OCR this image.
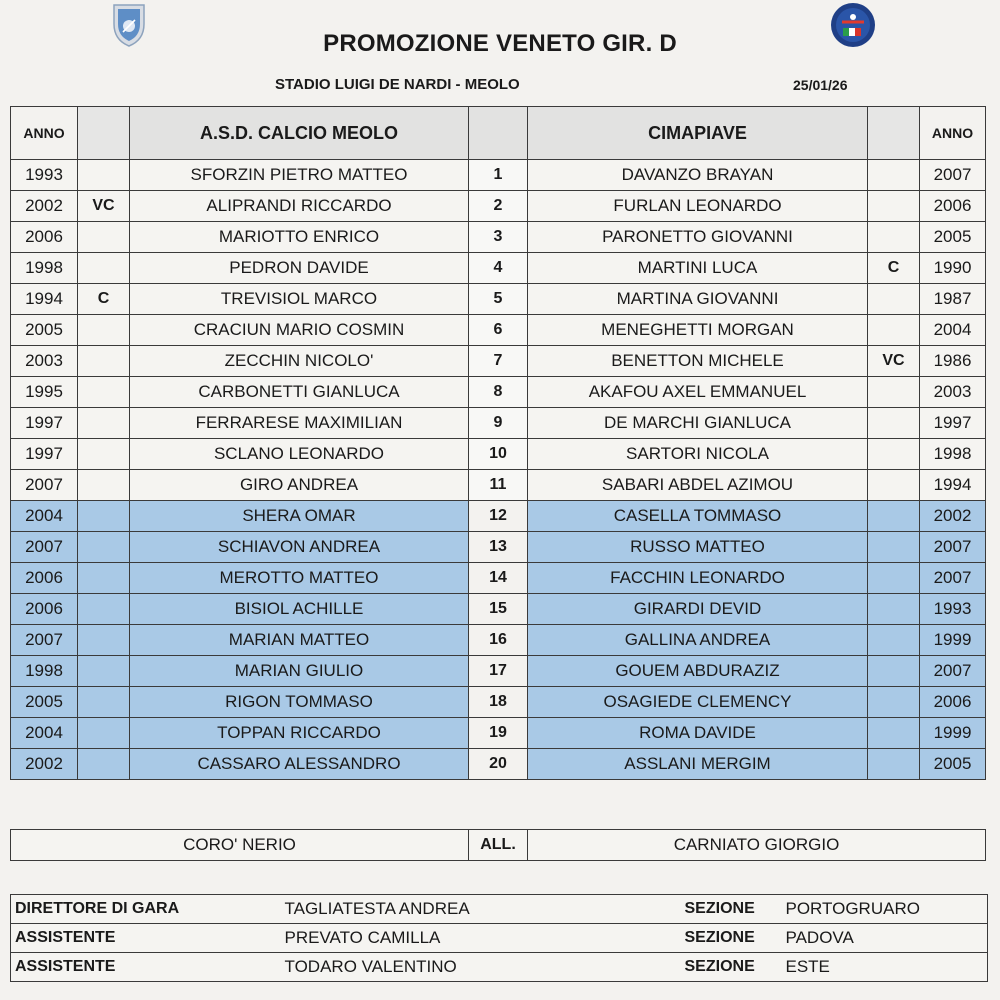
PROMOZIONE VENETO GIR. D
STADIO LUIGI DE NARDI - MEOLO	25/01/26
ANNO		A.S.D. CALCIO MEOLO		CIMAPIAVE		ANNO
1993		SFORZIN PIETRO MATTEO	1	DAVANZO BRAYAN		2007
2002	VC	ALIPRANDI RICCARDO	2	FURLAN LEONARDO		2006
2006		MARIOTTO ENRICO	3	PARONETTO GIOVANNI		2005
1998		PEDRON DAVIDE	4	MARTINI LUCA	C	1990
1994	C	TREVISIOL MARCO	5	MARTINA GIOVANNI		1987
2005		CRACIUN MARIO COSMIN	6	MENEGHETTI MORGAN		2004
2003		ZECCHIN NICOLO'	7	BENETTON MICHELE	VC	1986
1995		CARBONETTI GIANLUCA	8	AKAFOU AXEL EMMANUEL		2003
1997		FERRARESE MAXIMILIAN	9	DE MARCHI GIANLUCA		1997
1997		SCLANO LEONARDO	10	SARTORI NICOLA		1998
2007		GIRO ANDREA	11	SABARI ABDEL AZIMOU		1994
2004		SHERA OMAR	12	CASELLA TOMMASO		2002
2007		SCHIAVON ANDREA	13	RUSSO MATTEO		2007
2006		MEROTTO MATTEO	14	FACCHIN LEONARDO		2007
2006		BISIOL ACHILLE	15	GIRARDI DEVID		1993
2007		MARIAN MATTEO	16	GALLINA ANDREA		1999
1998		MARIAN GIULIO	17	GOUEM ABDURAZIZ		2007
2005		RIGON TOMMASO	18	OSAGIEDE CLEMENCY		2006
2004		TOPPAN RICCARDO	19	ROMA DAVIDE		1999
2002		CASSARO ALESSANDRO	20	ASSLANI MERGIM		2005
CORO' NERIO	ALL.	CARNIATO GIORGIO
DIRETTORE DI GARA	TAGLIATESTA ANDREA	SEZIONE	PORTOGRUARO
ASSISTENTE	PREVATO CAMILLA	SEZIONE	PADOVA
ASSISTENTE	TODARO VALENTINO	SEZIONE	ESTE
